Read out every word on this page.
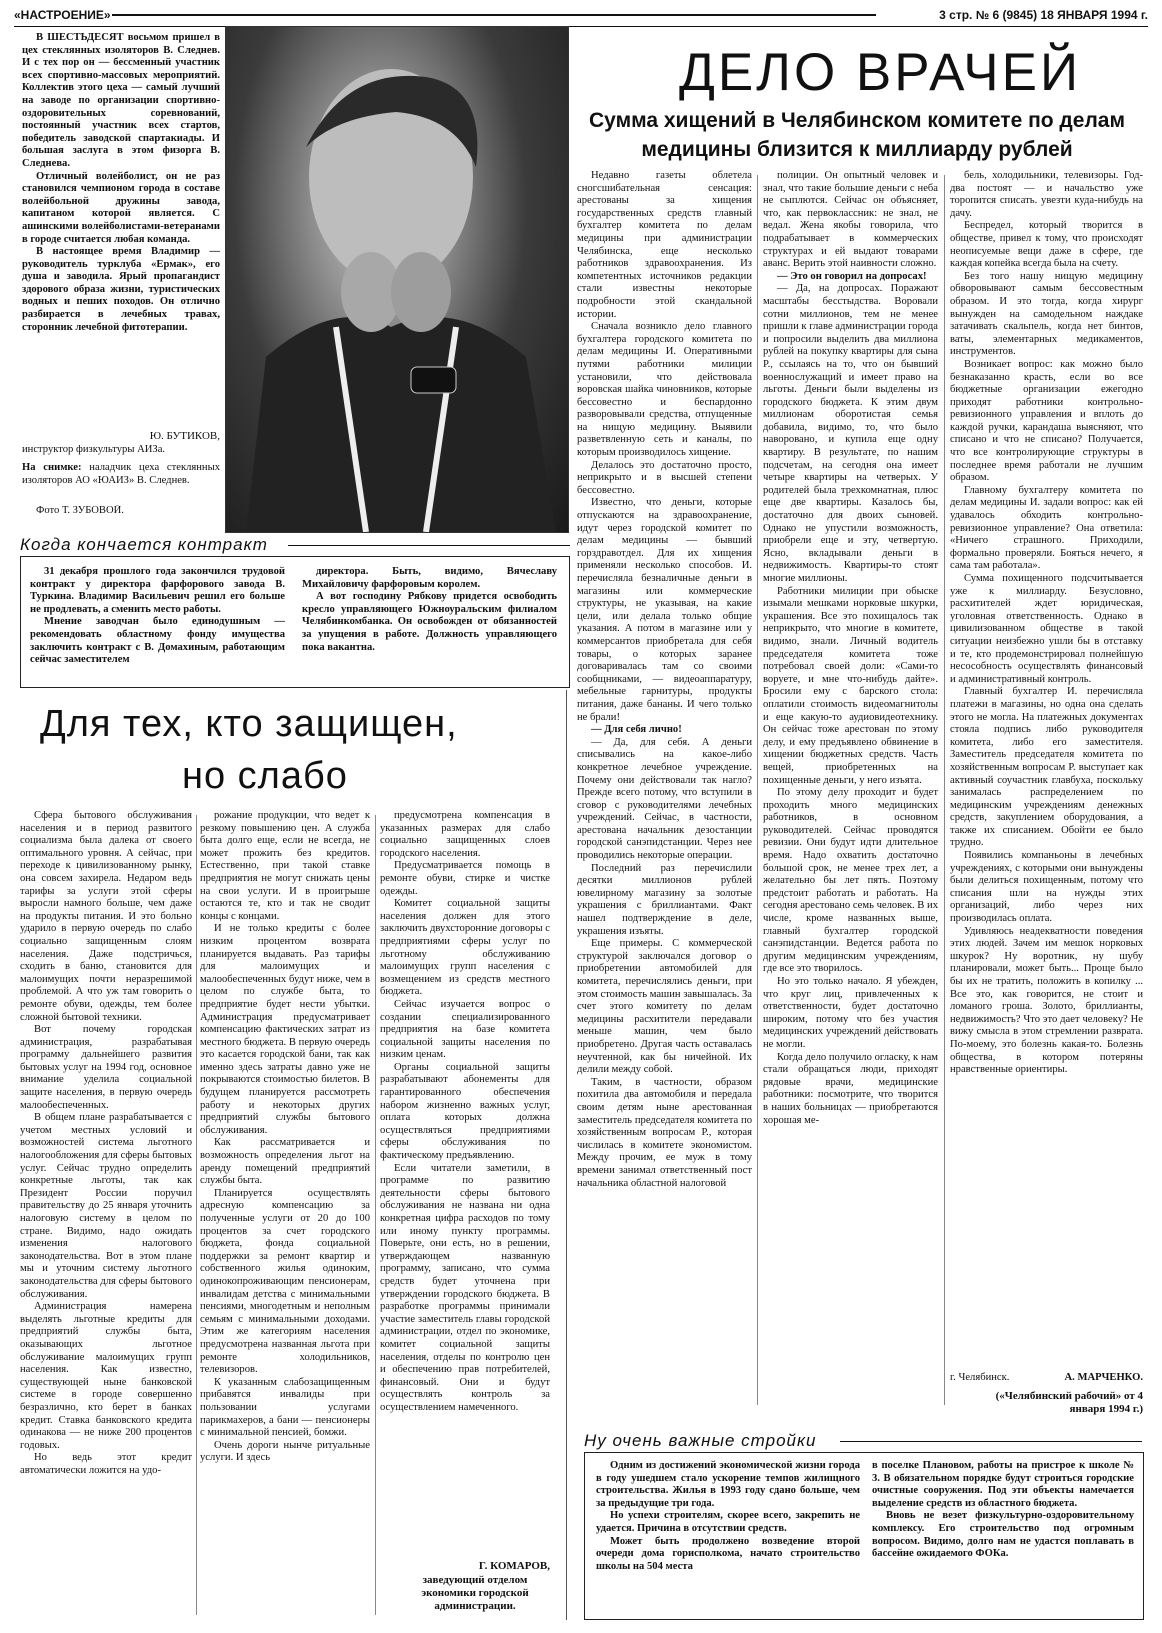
«НАСТРОЕНИЕ»	3 стр. № 6 (9845) 18 ЯНВАРЯ 1994 г.

В ШЕСТЬДЕСЯТ восьмом пришел в цех стеклянных изоляторов В. Следнев. И с тех пор он — бессменный участник всех спортивно-массовых мероприятий. Коллектив этого цеха — самый лучший на заводе по организации спортивно-оздоровительных соревнований, постоянный участник всех стартов, победитель заводской спартакиады. И большая заслуга в этом физорга В. Следнева.

Отличный волейболист, он не раз становился чемпионом города в составе волейбольной дружины завода, капитаном которой является. С ашинскими волейболистами-ветеранами в городе считается любая команда.

В настоящее время Владимир — руководитель турклуба «Ермак», его душа и заводила. Ярый пропагандист здорового образа жизни, туристических водных и пеших походов. Он отлично разбирается в лечебных травах, сторонник лечебной фитотерапии.

Ю. БУТИКОВ,
инструктор физкультуры АИЗа.
На снимке: наладчик цеха стеклянных изоляторов АО «ЮАИЗ» В. Следнев.
Фото Т. ЗУБОВОЙ.
ДЕЛО ВРАЧЕЙ
Сумма хищений в Челябинском комитете по делам медицины близится к миллиарду рублей

Недавно газеты облетела сногсшибательная сенсация: арестованы за хищения государственных средств главный бухгалтер комитета по делам медицины при администрации Челябинска, еще несколько работников здравоохранения. Из компетентных источников редакции стали известны некоторые подробности этой скандальной истории.

Сначала возникло дело главного бухгалтера городского комитета по делам медицины И. Оперативными путями работники милиции установили, что действовала воровская шайка чиновников, которые бессовестно и беспардонно разворовывали средства, отпущенные на нищую медицину. Выявили разветвленную сеть и каналы, по которым производилось хищение.

Делалось это достаточно просто, неприкрыто и в высшей степени бессовестно.

Известно, что деньги, которые отпускаются на здравоохранение, идут через городской комитет по делам медицины — бывший горздравотдел. Для их хищения применяли несколько способов. И. перечисляла безналичные деньги в магазины или коммерческие структуры, не указывая, на какие цели, или делала только общие указания. А потом в магазине или у коммерсантов приобретала для себя товары, о которых заранее договаривалась там со своими сообщниками, — видеоаппаратуру, мебельные гарнитуры, продукты питания, даже бананы. И чего только не брали!

— Для себя лично!

— Да, для себя. А деньги списывались на какое-либо конкретное лечебное учреждение. Почему они действовали так нагло? Прежде всего потому, что вступили в сговор с руководителями лечебных учреждений. Сейчас, в частности, арестована начальник дезостанции городской санэпидстанции. Через нее проводились некоторые операции.

Последний раз перечислили десятки миллионов рублей ювелирному магазину за золотые украшения с бриллиантами. Факт нашел подтверждение в деле, украшения изъяты.

Еще примеры. С коммерческой структурой заключался договор о приобретении автомобилей для комитета, перечислялись деньги, при этом стоимость машин завышалась. За счет этого комитету по делам медицины расхитители передавали меньше машин, чем было приобретено. Другая часть оставалась неучтенной, как бы ничейной. Их делили между собой.

Таким, в частности, образом похитила два автомобиля и передала своим детям ныне арестованная заместитель председателя комитета по хозяйственным вопросам Р., которая числилась в комитете экономистом. Между прочим, ее муж в тому времени занимал ответственный пост начальника областной налоговой

полиции. Он опытный человек и знал, что такие большие деньги с неба не сыплются. Сейчас он объясняет, что, как первоклассник: не знал, не ведал. Жена якобы говорила, что подрабатывает в коммерческих структурах и ей выдают товарами аванс. Верить этой наивности сложно.

— Это он говорил на допросах!

— Да, на допросах. Поражают масштабы бесстыдства. Воровали сотни миллионов, тем не менее пришли к главе администрации города и попросили выделить два миллиона рублей на покупку квартиры для сына Р., ссылаясь на то, что он бывший военнослужащий и имеет право на льготы. Деньги были выделены из городского бюджета. К этим двум миллионам оборотистая семья добавила, видимо, то, что было наворовано, и купила еще одну квартиру. В результате, по нашим подсчетам, на сегодня она имеет четыре квартиры на четверых. У родителей была трехкомнатная, плюс еще две квартиры. Казалось бы, достаточно для двоих сыновей. Однако не упустили возможность, приобрели еще и эту, четвертую. Ясно, вкладывали деньги в недвижимость. Квартиры-то стоят многие миллионы.

Работники милиции при обыске изымали мешками норковые шкурки, украшения. Все это похищалось так неприкрыто, что многие в комитете, видимо, знали. Личный водитель председателя комитета тоже потребовал своей доли: «Сами-то воруете, и мне что-нибудь дайте». Бросили ему с барского стола: оплатили стоимость видеомагнитолы и еще какую-то аудиовидеотехнику. Он сейчас тоже арестован по этому делу, и ему предъявлено обвинение в хищении бюджетных средств. Часть вещей, приобретенных на похищенные деньги, у него изъята.

По этому делу проходит и будет проходить много медицинских работников, в основном руководителей. Сейчас проводятся ревизии. Они будут идти длительное время. Надо охватить достаточно большой срок, не менее трех лет, а желательно бы лет пять. Поэтому предстоит работать и работать. На сегодня арестовано семь человек. В их числе, кроме названных выше, главный бухгалтер городской санэпидстанции. Ведется работа по другим медицинским учреждениям, где все это творилось.

Но это только начало. Я убежден, что круг лиц, привлеченных к ответственности, будет достаточно широким, потому что без участия медицинских учреждений действовать не могли.

Когда дело получило огласку, к нам стали обращаться люди, приходят рядовые врачи, медицинские работники: посмотрите, что творится в наших больницах — приобретаются хорошая ме-

бель, холодильники, телевизоры. Год-два постоят — и начальство уже торопится списать. увезти куда-нибудь на дачу.

Беспредел, который творится в обществе, привел к тому, что происходят неописуемые вещи даже в сфере, где каждая копейка всегда была на счету.

Без того нашу нищую медицину обворовывают самым бессовестным образом. И это тогда, когда хирург вынужден на самодельном наждаке затачивать скальпель, когда нет бинтов, ваты, элементарных медикаментов, инструментов.

Возникает вопрос: как можно было безнаказанно красть, если во все бюджетные организации ежегодно приходят работники контрольно-ревизионного управления и вплоть до каждой ручки, карандаша выясняют, что списано и что не списано? Получается, что все контролирующие структуры в последнее время работали не лучшим образом.

Главному бухгалтеру комитета по делам медицины И. задали вопрос: как ей удавалось обходить контрольно-ревизионное управление? Она ответила: «Ничего страшного. Приходили, формально проверяли. Бояться нечего, я сама там работала».

Сумма похищенного подсчитывается уже к миллиарду. Безусловно, расхитителей ждет юридическая, уголовная ответственность. Однако в цивилизованном обществе в такой ситуации неизбежно ушли бы в отставку и те, кто продемонстрировал полнейшую несособность осуществлять финансовый и административный контроль.

Главный бухгалтер И. перечисляла платежи в магазины, но одна она сделать этого не могла. На платежных документах стояла подпись либо руководителя комитета, либо его заместителя. Заместитель председателя комитета по хозяйственным вопросам Р. выступает как активный соучастник главбуха, поскольку занималась распределением по медицинским учреждениям денежных средств, закуплением оборудования, а также их списанием. Обойти ее было трудно.

Появились компаньоны в лечебных учреждениях, с которыми они вынуждены были делиться похищенным, потому что списания шли на нужды этих организаций, либо через них производилась оплата.

Удивляюсь неадекватности поведения этих людей. Зачем им мешок норковых шкурок? Ну воротник, ну шубу планировали, может быть... Проще было бы их не тратить, положить в копилку ... Все это, как говорится, не стоит и ломаного гроша. Золото, бриллианты, недвижимость? Что это дает человеку? Не вижу смысла в этом стремлении разврата. По-моему, это болезнь какая-то. Болезнь общества, в котором потеряны нравственные ориентиры.

г. Челябинск.	А. МАРЧЕНКО.
(«Челябинский рабочий» от 4 января 1994 г.)
Когда кончается контракт

31 декабря прошлого года закончился трудовой контракт у директора фарфорового завода В. Туркина. Владимир Васильевич решил его больше не продлевать, а сменить место работы.

Мнение заводчан было единодушным — рекомендовать областному фонду имущества заключить контракт с В. Домахиным, работающим сейчас заместителем

директора. Быть, видимо, Вячеславу Михайловичу фарфоровым королем.

А вот господину Рябкову придется освободить кресло управляющего Южноуральским филиалом Челябинкомбанка. Он освобожден от обязанностей за упущения в работе. Должность управляющего пока вакантна.

Для тех, кто защищен,
но слабо

Сфера бытового обслуживания населения и в период развитого социализма была далека от своего оптимального уровня. А сейчас, при переходе к цивилизованному рынку, она совсем захирела. Недаром ведь тарифы за услуги этой сферы выросли намного больше, чем даже на продукты питания. И это больно ударило в первую очередь по слабо социально защищенным слоям населения. Даже подстричься, сходить в баню, становится для малоимущих почти неразрешимой проблемой. А что уж там говорить о ремонте обуви, одежды, тем более сложной бытовой техники.

Вот почему городская администрация, разрабатывая программу дальнейшего развития бытовых услуг на 1994 год, основное внимание уделила социальной защите населения, в первую очередь малообеспеченных.

В общем плане разрабатывается с учетом местных условий и возможностей система льготного налогообложения для сферы бытовых услуг. Сейчас трудно определить конкретные льготы, так как Президент России поручил правительству до 25 января уточнить налоговую систему в целом по стране. Видимо, надо ожидать изменения налогового законодательства. Вот в этом плане мы и уточним систему льготного законодательства для сферы бытового обслуживания.

Администрация намерена выделять льготные кредиты для предприятий службы быта, оказывающих льготное обслуживание малоимущих групп населения. Как известно, существующей ныне банковской системе в городе совершенно безразлично, кто берет в банках кредит. Ставка банковского кредита одинакова — не ниже 200 процентов годовых.

Но ведь этот кредит автоматически ложится на удо-

рожание продукции, что ведет к резкому повышению цен. А служба быта долго еще, если не всегда, не может прожить без кредитов. Естественно, при такой ставке предприятия не могут снижать цены на свои услуги. И в проигрыше остаются те, кто и так не сводит концы с концами.

И не только кредиты с более низким процентом возврата планируется выдавать. Раз тарифы для малоимущих и малообеспеченных будут ниже, чем в целом по службе быта, то предприятие будет нести убытки. Администрация предусматривает компенсацию фактических затрат из местного бюджета. В первую очередь это касается городской бани, так как именно здесь затраты давно уже не покрываются стоимостью билетов. В будущем планируется рассмотреть работу и некоторых других предприятий службы бытового обслуживания.

Как рассматривается и возможность определения льгот на аренду помещений предприятий службы быта.

Планируется осуществлять адресную компенсацию за полученные услуги от 20 до 100 процентов за счет городского бюджета, фонда социальной поддержки за ремонт квартир и собственного жилья одиноким, одинокопроживающим пенсионерам, инвалидам детства с минимальными пенсиями, многодетным и неполным семьям с минимальными доходами. Этим же категориям населения предусмотрена названная льгота при ремонте холодильников, телевизоров.

К указанным слабозащищенным прибавятся инвалиды при пользовании услугами парикмахеров, а бани — пенсионеры с минимальной пенсией, бомжи.

Очень дороги нынче ритуальные услуги. И здесь

предусмотрена компенсация в указанных размерах для слабо социально защищенных слоев городского населения.

Предусматривается помощь в ремонте обуви, стирке и чистке одежды.

Комитет социальной защиты населения должен для этого заключить двухсторонние договоры с предприятиями сферы услуг по льготному обслуживанию малоимущих групп населения с возмещением из средств местного бюджета.

Сейчас изучается вопрос о создании специализированного предприятия на базе комитета социальной защиты населения по низким ценам.

Органы социальной защиты разрабатывают абонементы для гарантированного обеспечения набором жизненно важных услуг, оплата которых должна осуществляться предприятиями сферы обслуживания по фактическому предъявлению.

Если читатели заметили, в программе по развитию деятельности сферы бытового обслуживания не названа ни одна конкретная цифра расходов по тому или иному пункту программы. Поверьте, они есть, но в решении, утверждающем названную программу, записано, что сумма средств будет уточнена при утверждении городского бюджета. В разработке программы принимали участие заместитель главы городской администрации, отдел по экономике, комитет социальной защиты населения, отделы по контролю цен и обеспечению прав потребителей, финансовый. Они и будут осуществлять контроль за осуществлением намеченного.

Г. КОМАРОВ,
заведующий отделом экономики городской администрации.
Ну очень важные стройки

Одним из достижений экономической жизни города в году ушедшем стало ускорение темпов жилищного строительства. Жилья в 1993 году сдано больше, чем за предыдущие три года.

Но успехи строителям, скорее всего, закрепить не удается. Причина в отсутствии средств.

Может быть продолжено возведение второй очереди дома горисполкома, начато строительство школы на 504 места

в поселке Плановом, работы на пристрое к школе № 3. В обязательном порядке будут строиться городские очистные сооружения. Под эти объекты намечается выделение средств из областного бюджета.

Вновь не везет физкультурно-оздоровительному комплексу. Его строительство под огромным вопросом. Видимо, долго нам не удастся поплавать в бассейне ожидаемого ФОКа.
